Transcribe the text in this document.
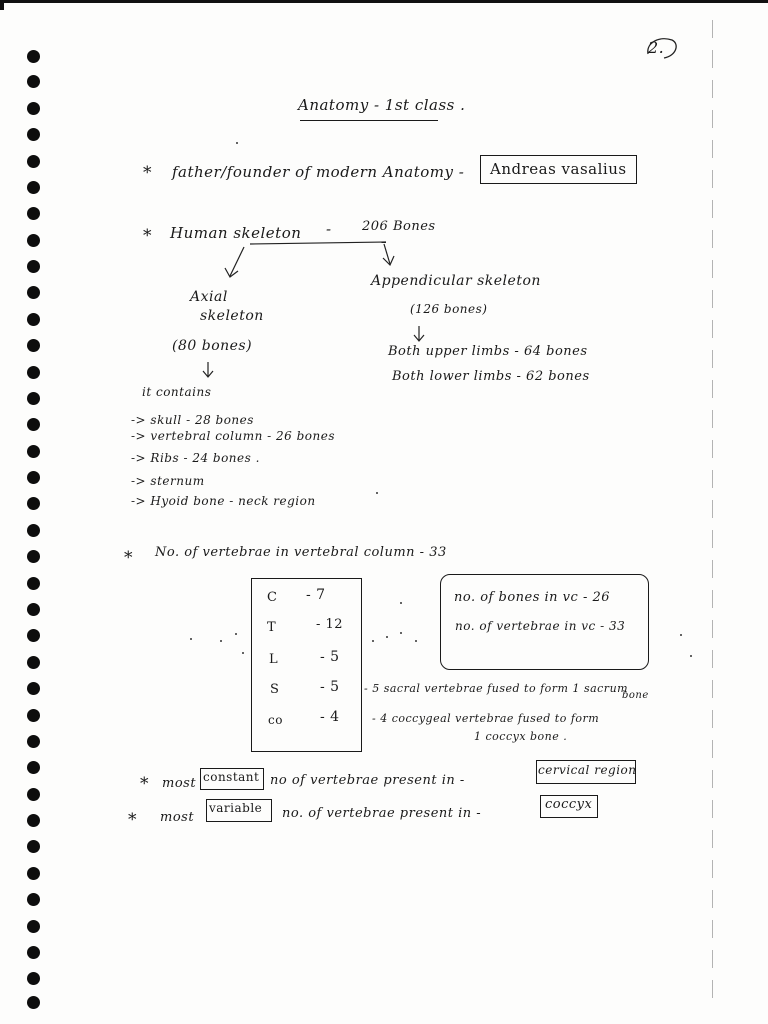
2.
Anatomy - 1st class .
* father/founder of modern Anatomy - Andreas vasalius
* Human skeleton - 206 Bones
Axial
skeleton
(80 bones)
it contains
-> skull - 28 bones
-> vertebral column - 26 bones
-> Ribs - 24 bones .
-> sternum
-> Hyoid bone - neck region
Appendicular skeleton
(126 bones)
Both upper limbs - 64 bones
Both lower limbs - 62 bones
* No. of vertebrae in vertebral column - 33
C - 7
T	- 12
L	- 5
S	- 5
co	- 4
- 5 sacral vertebrae fused to form 1 sacrum
bone
- 4 coccygeal vertebrae fused to form
1 coccyx bone .
no. of bones in vc - 26
no. of vertebrae in vc - 33
* most constant no of vertebrae present in -
cervical region
* most
variable no. of vertebrae present in -
coccyx
